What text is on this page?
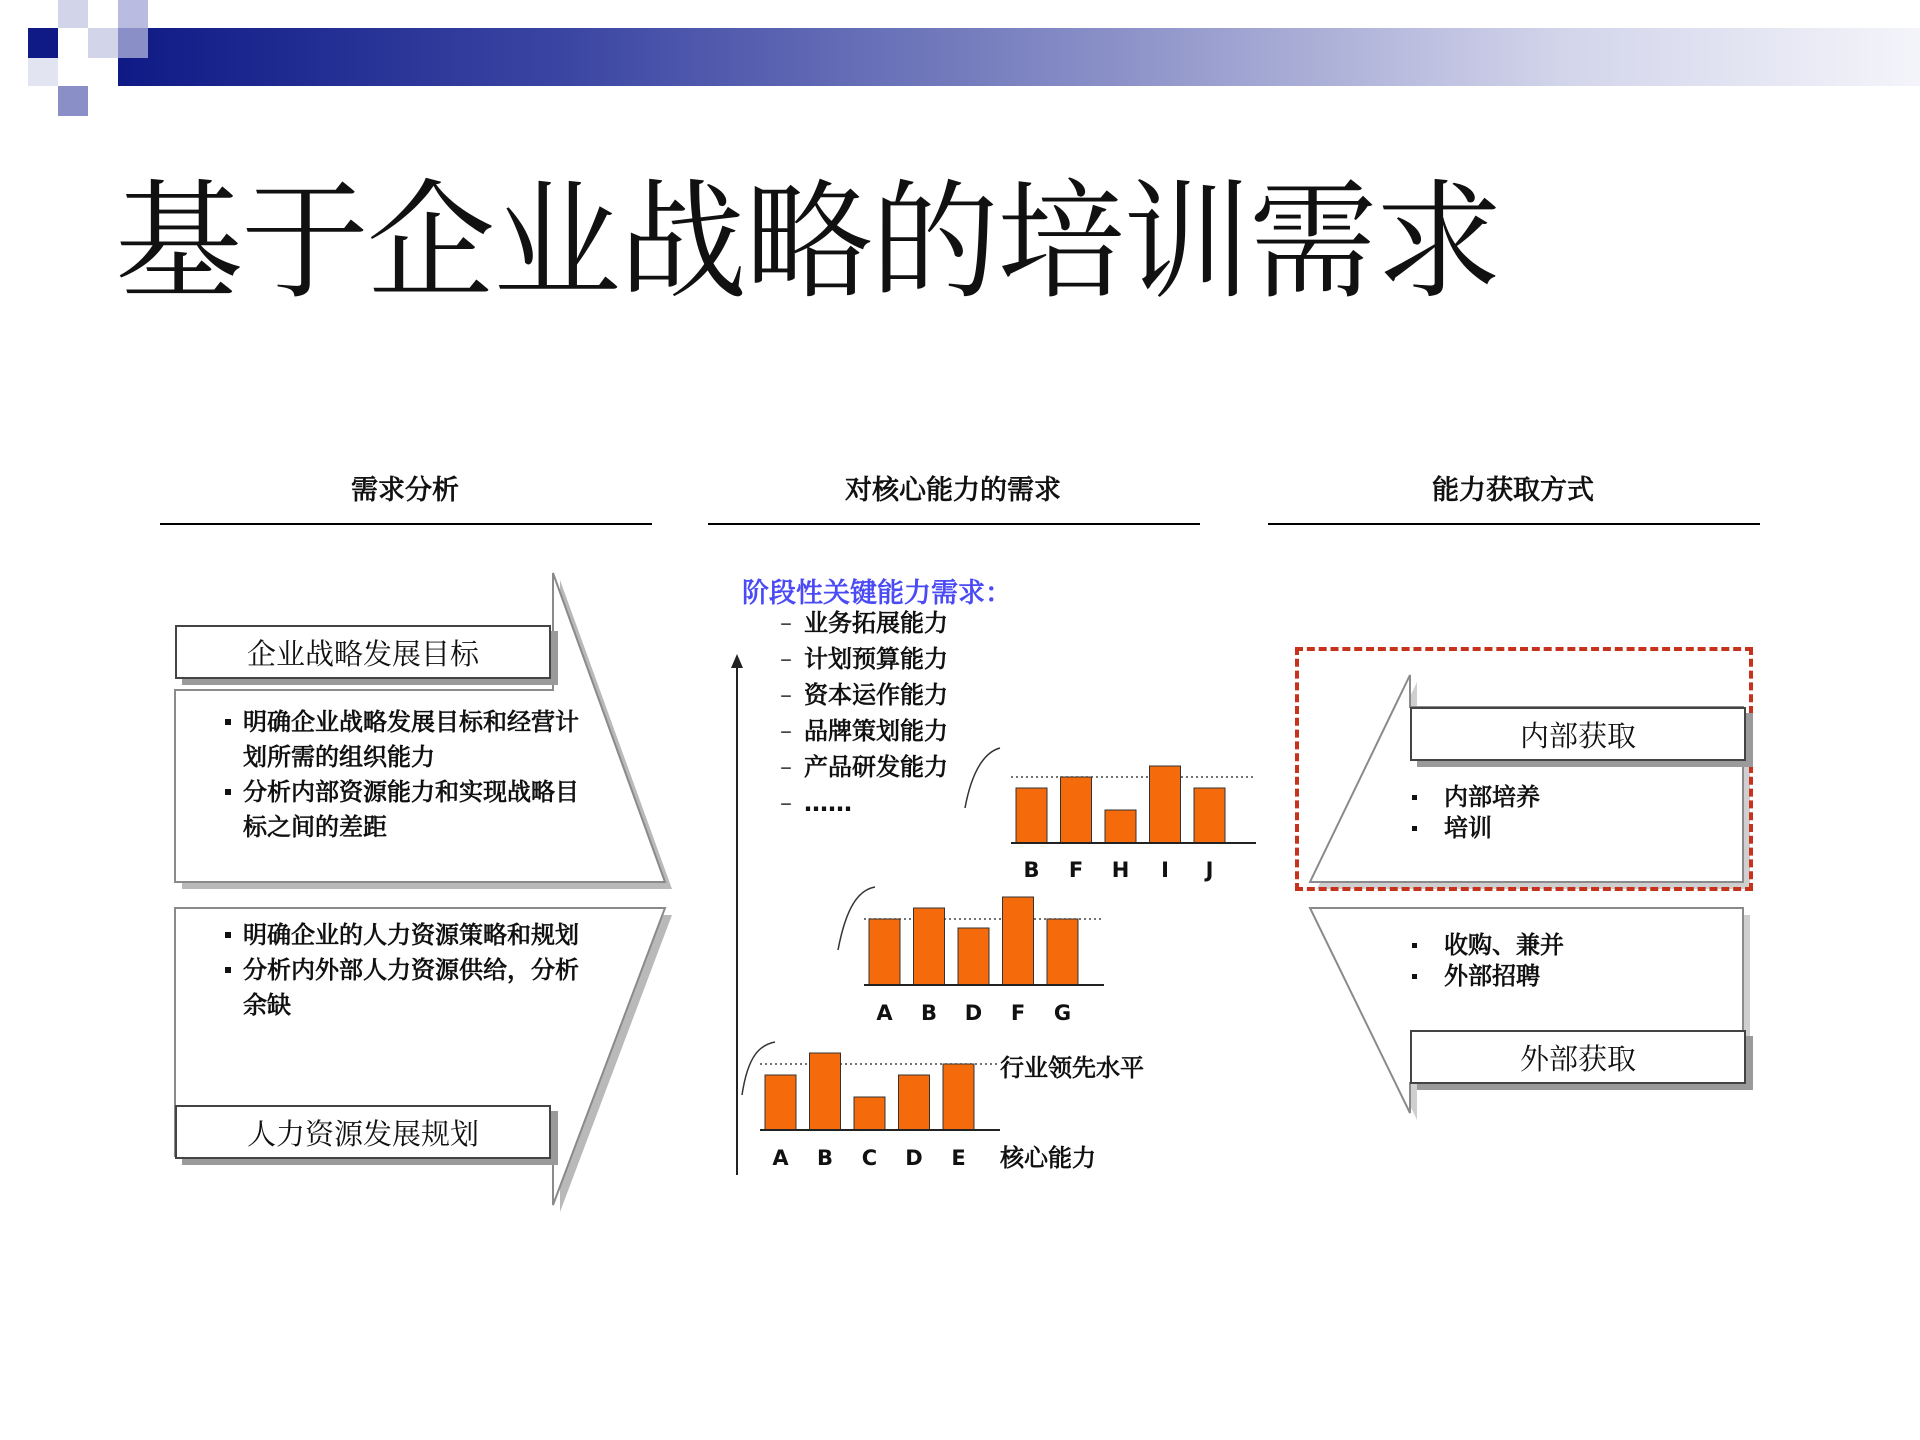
基于企业战略的培训需求
需求分析	对核心能力的需求	能力获取方式
A B C D E
A B D F G
B F H I J
企业战略发展目标
明确企业战略发展目标和经营计划所需的组织能力
分析内部资源能力和实现战略目标之间的差距
明确企业的人力资源策略和规划
分析内外部人力资源供给，分析余缺
人力资源发展规划
阶段性关键能力需求：
– 业务拓展能力
– 计划预算能力
– 资本运作能力
– 品牌策划能力
– 产品研发能力
– ……
行业领先水平
核心能力
内部获取
内部培养
培训
收购、兼并
外部招聘
外部获取
